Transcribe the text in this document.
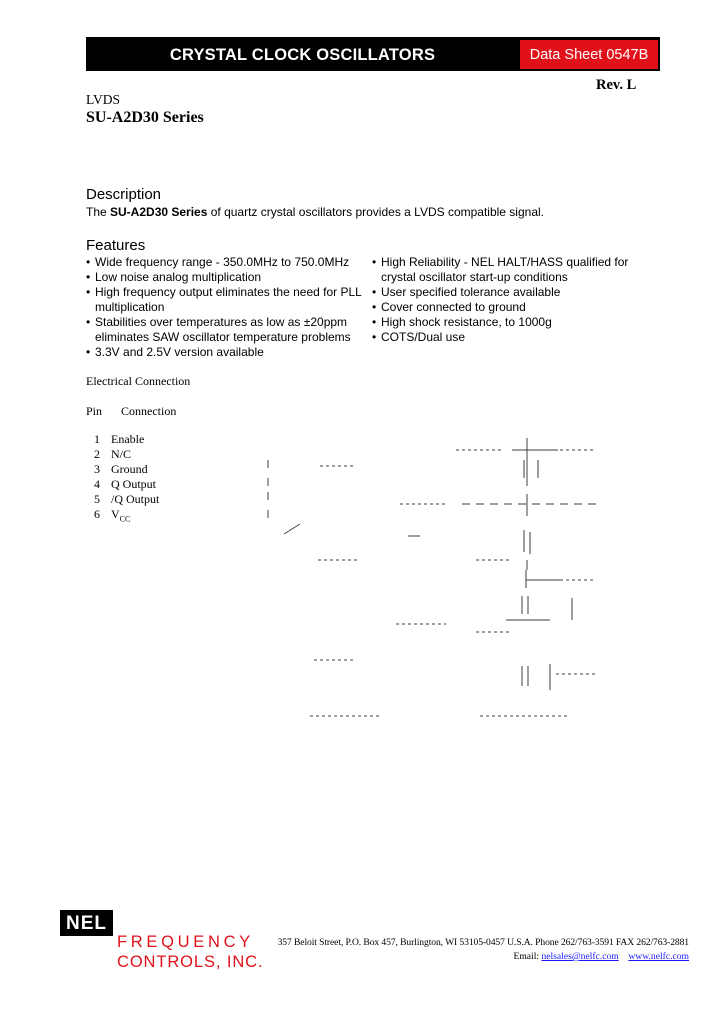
CRYSTAL CLOCK OSCILLATORS	Data Sheet 0547B
Rev. L
LVDS
SU-A2D30 Series
Description
The SU-A2D30 Series of quartz crystal oscillators provides a LVDS compatible signal.
Features
• Wide frequency range - 350.0MHz to 750.0MHz
• Low noise analog multiplication
• High frequency output eliminates the need for PLL
multiplication
• Stabilities over temperatures as low as ±20ppm
eliminates SAW oscillator temperature problems
• 3.3V and 2.5V version available
• High Reliability - NEL HALT/HASS qualified for
crystal oscillator start-up conditions
• User specified tolerance available
• Cover connected to ground
• High shock resistance, to 1000g
• COTS/Dual use
Electrical Connection
Pin Connection
1 Enable
2 N/C
3 Ground
4 Q Output
5 /Q Output
6 $V_{CC}$
NEL
FREQUENCY
CONTROLS, INC.
357 Beloit Street, P.O. Box 457, Burlington, WI 53105-0457 U.S.A. Phone 262/763-3591 FAX 262/763-2881
Email: nelsales@nelfc.com www.nelfc.com
